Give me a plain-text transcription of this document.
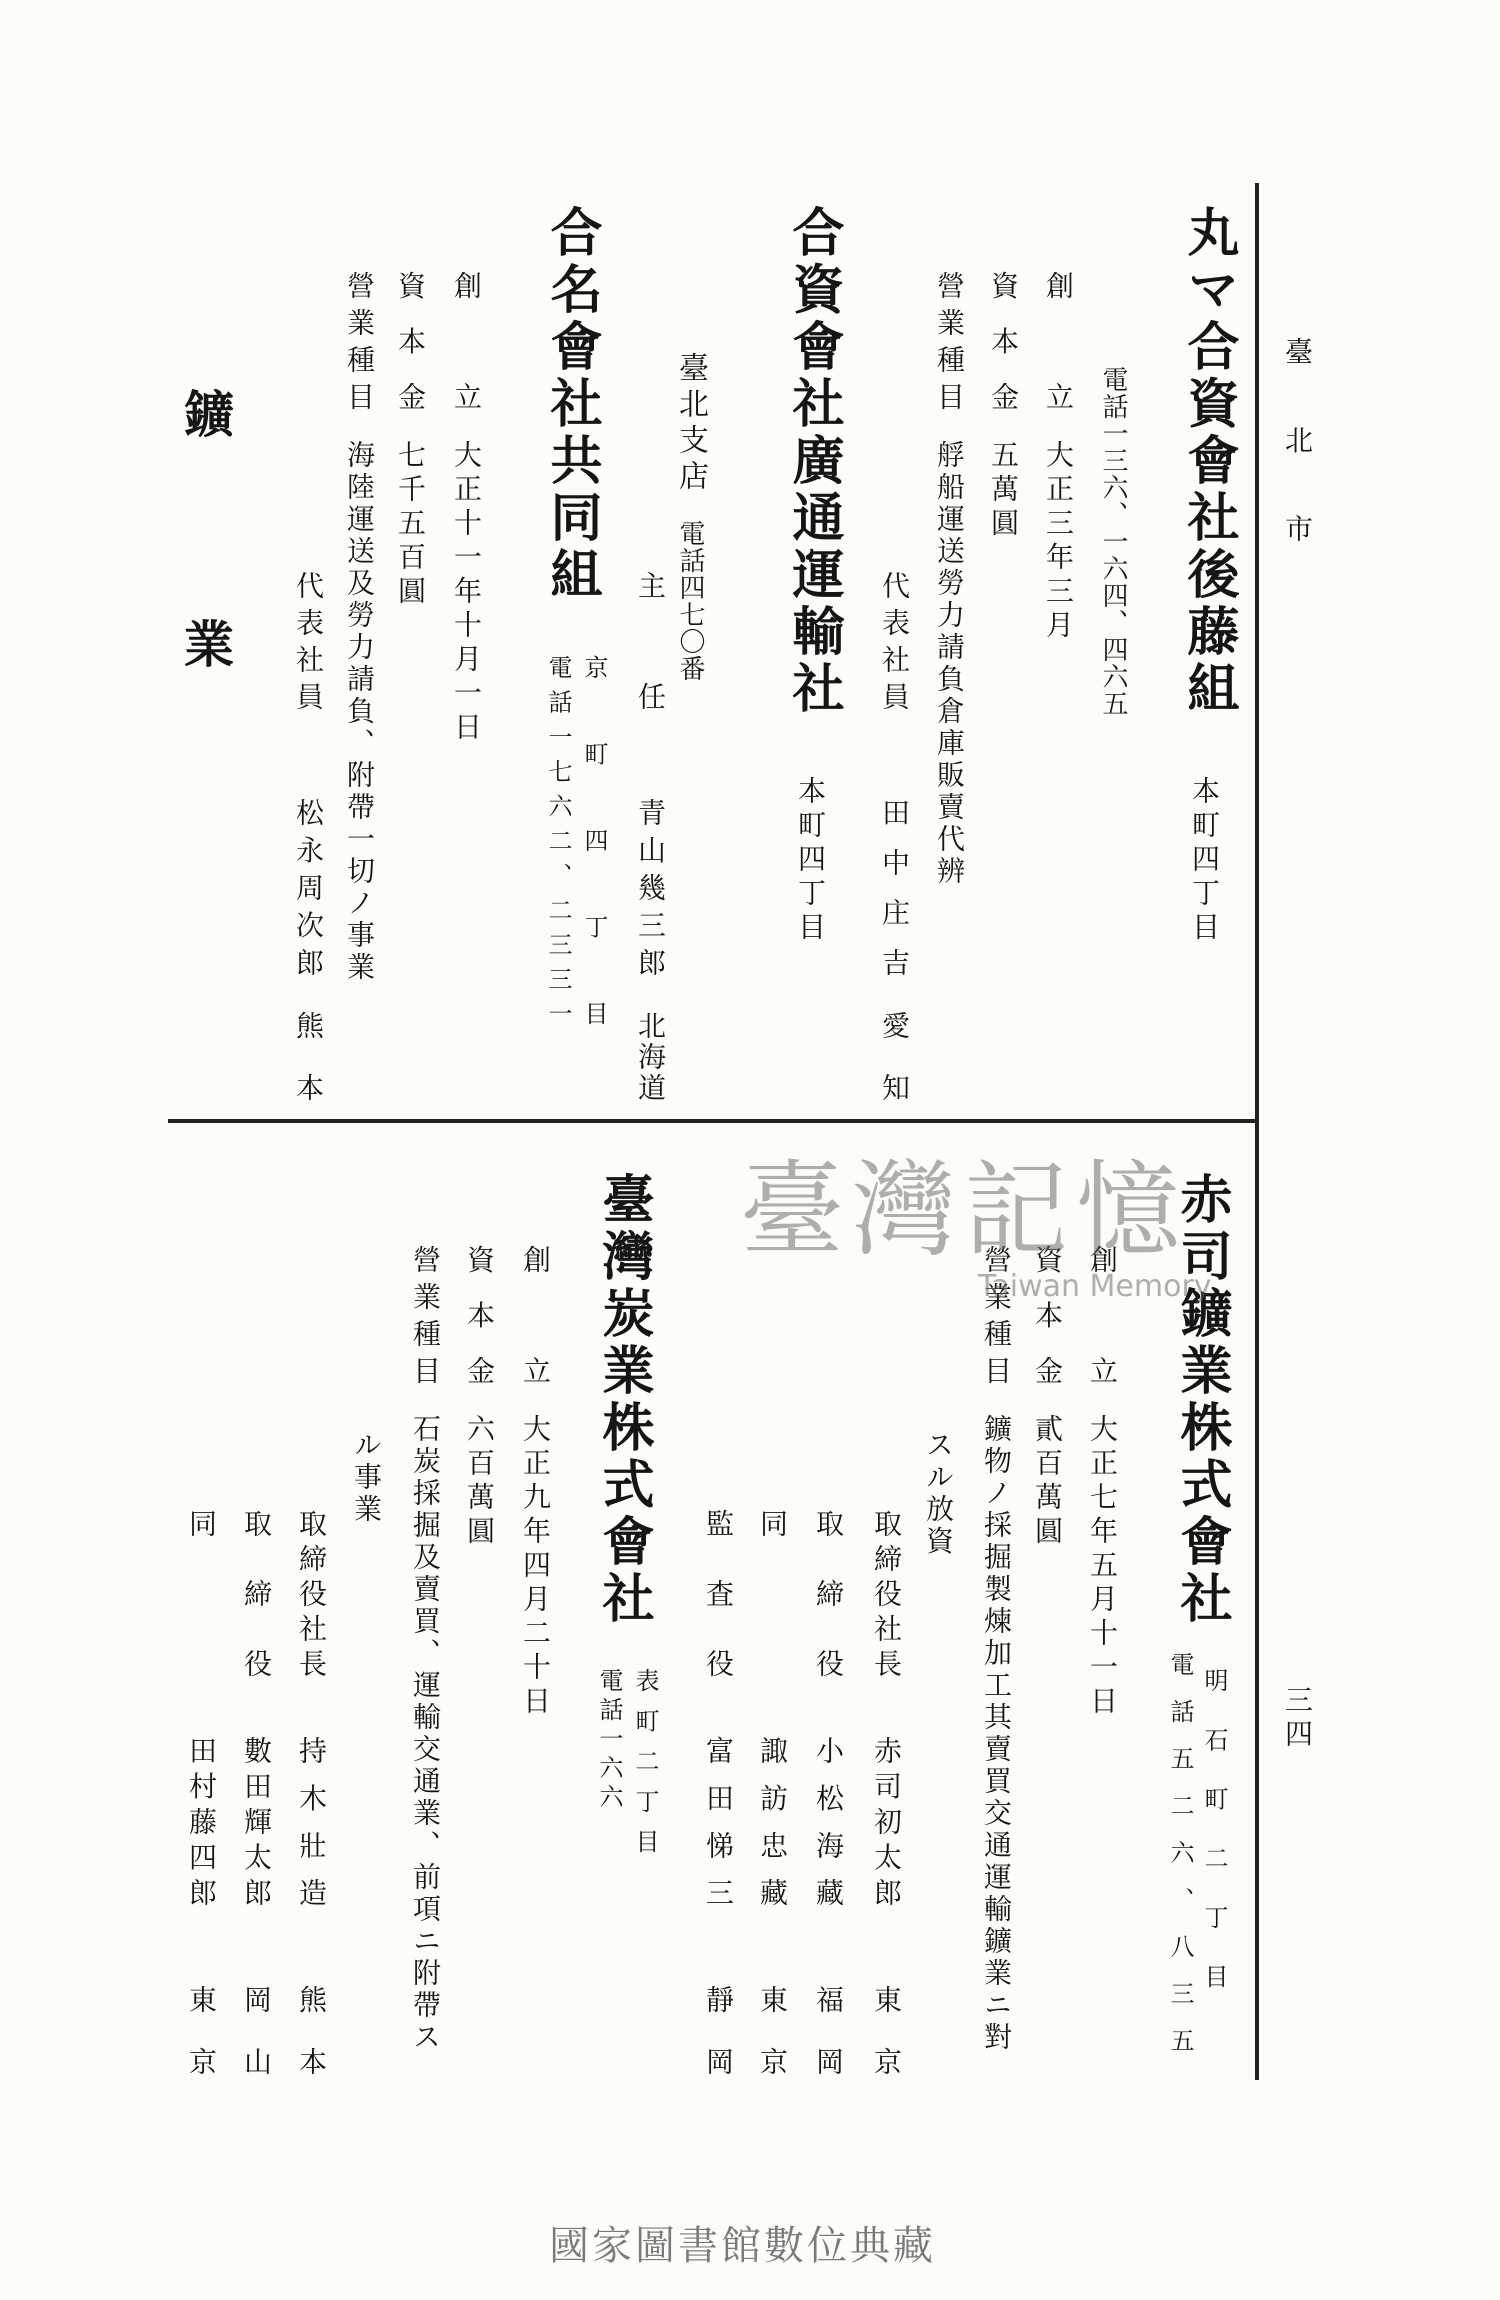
臺北市
三四
丸マ合資會社後藤組
本町四丁目
電話一三六、一六四、四六五
創　立
大正三年三月
資本金
五萬圓
營業種目
艀船運送勞力請負倉庫販賣代辨
代表社員
田中庄吉
愛知
合資會社廣通運輸社
本町四丁目
臺北支店
電話四七〇番
主　任
青山幾三郎
北海道
合名會社共同組
京町四丁目
電話一七六二、二三三一
創　立
大正十一年十月一日
資本金
七千五百圓
營業種目
海陸運送及勞力請負、附帶一切ノ事業
代表社員
松永周次郎
熊本
鑛　　業
赤司鑛業株式會社
明石町二丁目
電話五二六、八三五
創　立
大正七年五月十一日
資本金
貳百萬圓
營業種目
鑛物ノ採掘製煉加工其賣買交通運輸鑛業ニ對
スル放資
取締役社長
赤司初太郎
東京
取　締　役
小松海藏
福岡
同
諏訪忠藏
東京
監　査　役
富田悌三
靜岡
臺灣炭業株式會社
表町二丁目
電話一六六
創　立
大正九年四月二十日
資本金
六百萬圓
營業種目
石炭採掘及賣買、運輸交通業、前項ニ附帶ス
ル事業
取締役社長
持木壯造
熊本
取　締　役
數田輝太郎
岡山
同
田村藤四郎
東京
臺灣記憶
Taiwan Memory
國家圖書館數位典藏
